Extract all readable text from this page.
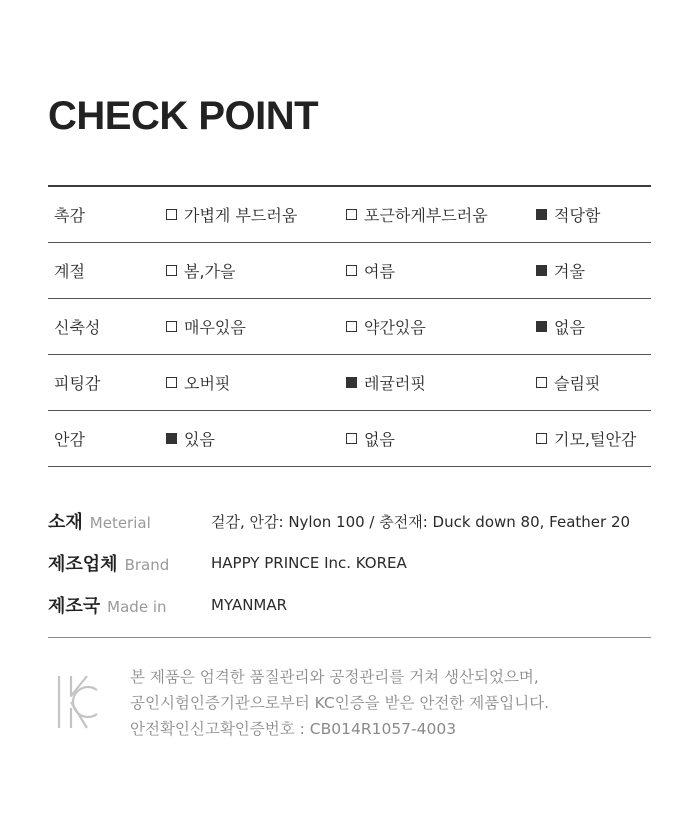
CHECK POINT
촉감	가볍게 부드러움	포근하게부드러움	적당함
계절	봄,가을	여름	겨울
신축성	매우있음	약간있음	없음
피팅감	오버핏	레귤러핏	슬림핏
안감	있음	없음	기모,털안감
소재 Meterial	겉감, 안감: Nylon 100 / 충전재: Duck down 80, Feather 20
제조업체 Brand	HAPPY PRINCE Inc. KOREA
제조국 Made in	MYANMAR
본 제품은 엄격한 품질관리와 공정관리를 거쳐 생산되었으며,
공인시험인증기관으로부터 KC인증을 받은 안전한 제품입니다.
안전확인신고확인증번호 : CB014R1057-4003
